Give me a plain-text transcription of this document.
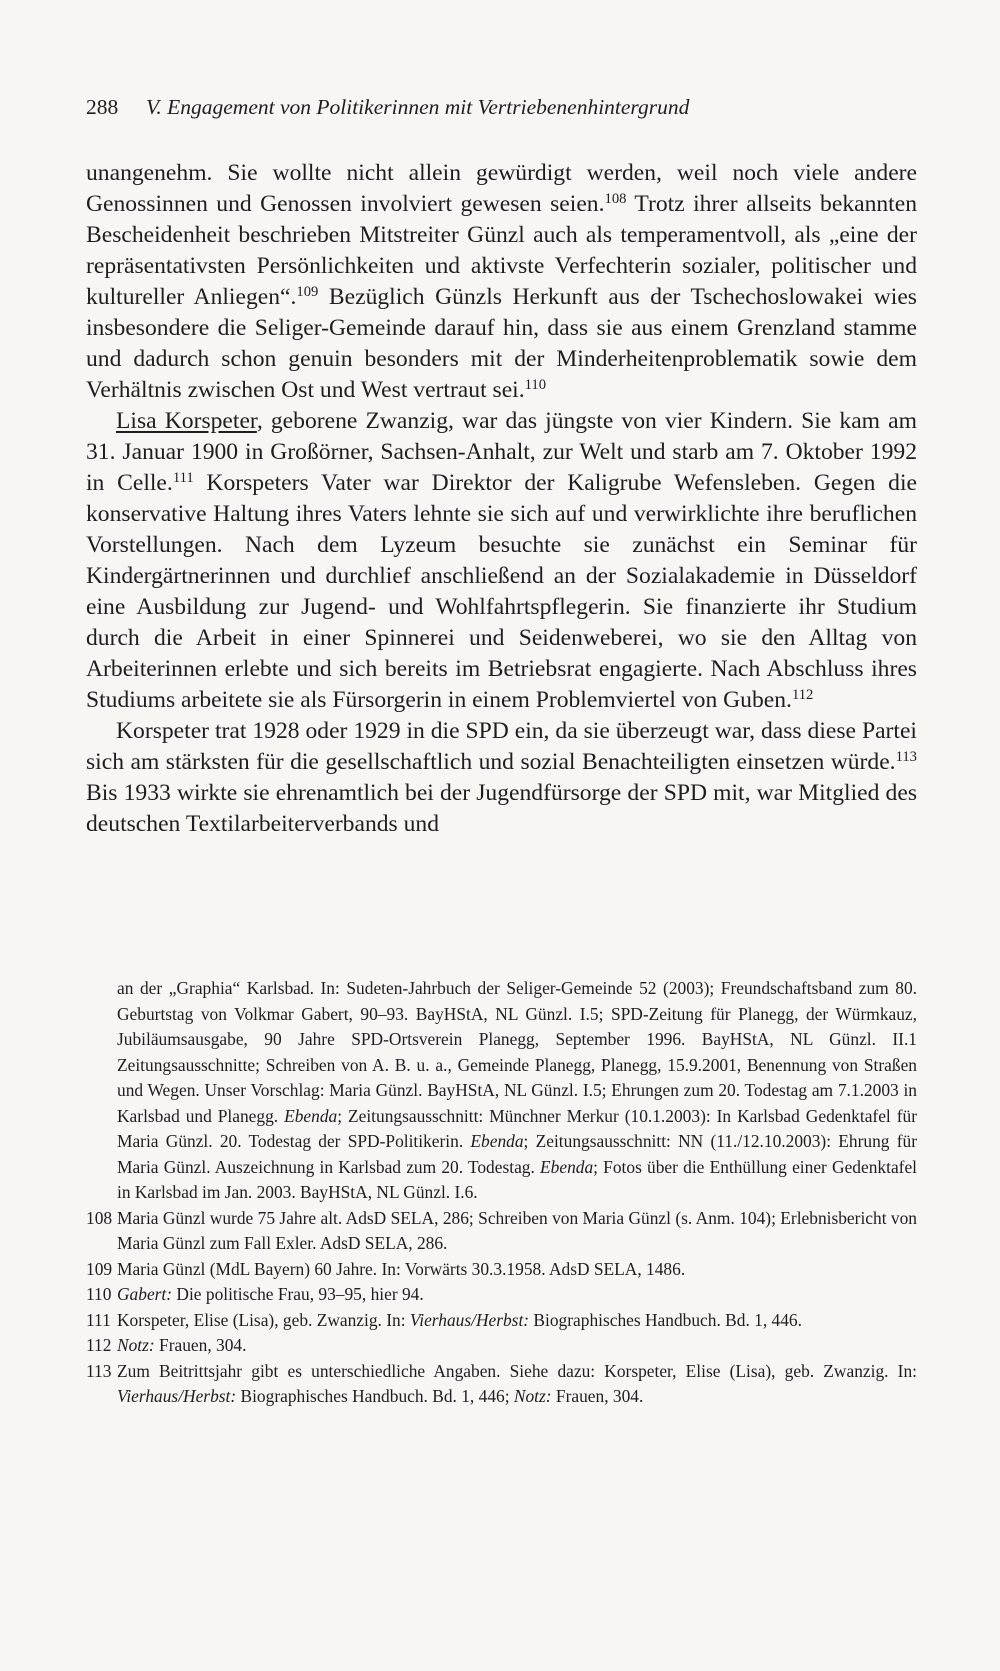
288 V. Engagement von Politikerinnen mit Vertriebenenhintergrund

unangenehm. Sie wollte nicht allein gewürdigt werden, weil noch viele andere Genossinnen und Genossen involviert gewesen seien.$^{108}$ Trotz ihrer allseits bekannten Bescheidenheit beschrieben Mitstreiter Günzl auch als temperamentvoll, als „eine der repräsentativsten Persönlichkeiten und aktivste Verfechterin sozialer, politischer und kultureller Anliegen“.$^{109}$ Bezüglich Günzls Herkunft aus der Tschechoslowakei wies insbesondere die Seliger-Gemeinde darauf hin, dass sie aus einem Grenzland stamme und dadurch schon genuin besonders mit der Minderheitenproblematik sowie dem Verhältnis zwischen Ost und West vertraut sei.$^{110}$

Lisa Korspeter, geborene Zwanzig, war das jüngste von vier Kindern. Sie kam am 31. Januar 1900 in Großörner, Sachsen-Anhalt, zur Welt und starb am 7. Oktober 1992 in Celle.$^{111}$ Korspeters Vater war Direktor der Kaligrube Wefensleben. Gegen die konservative Haltung ihres Vaters lehnte sie sich auf und verwirklichte ihre beruflichen Vorstellungen. Nach dem Lyzeum besuchte sie zunächst ein Seminar für Kindergärtnerinnen und durchlief anschließend an der Sozialakademie in Düsseldorf eine Ausbildung zur Jugend- und Wohlfahrtspflegerin. Sie finanzierte ihr Studium durch die Arbeit in einer Spinnerei und Seidenweberei, wo sie den Alltag von Arbeiterinnen erlebte und sich bereits im Betriebsrat engagierte. Nach Abschluss ihres Studiums arbeitete sie als Fürsorgerin in einem Problemviertel von Guben.$^{112}$

Korspeter trat 1928 oder 1929 in die SPD ein, da sie überzeugt war, dass diese Partei sich am stärksten für die gesellschaftlich und sozial Benachteiligten einsetzen würde.$^{113}$ Bis 1933 wirkte sie ehrenamtlich bei der Jugendfürsorge der SPD mit, war Mitglied des deutschen Textilarbeiterverbands und

an der „Graphia“ Karlsbad. In: Sudeten-Jahrbuch der Seliger-Gemeinde 52 (2003); Freundschaftsband zum 80. Geburtstag von Volkmar Gabert, 90–93. BayHStA, NL Günzl. I.5; SPD-Zeitung für Planegg, der Würmkauz, Jubiläumsausgabe, 90 Jahre SPD-Ortsverein Planegg, September 1996. BayHStA, NL Günzl. II.1 Zeitungsausschnitte; Schreiben von A. B. u. a., Gemeinde Planegg, Planegg, 15.9.2001, Benennung von Straßen und Wegen. Unser Vorschlag: Maria Günzl. BayHStA, NL Günzl. I.5; Ehrungen zum 20. Todestag am 7.1.2003 in Karlsbad und Planegg. Ebenda; Zeitungsausschnitt: Münchner Merkur (10.1.2003): In Karlsbad Gedenktafel für Maria Günzl. 20. Todestag der SPD-Politikerin. Ebenda; Zeitungsausschnitt: NN (11./12.10.2003): Ehrung für Maria Günzl. Auszeichnung in Karlsbad zum 20. Todestag. Ebenda; Fotos über die Enthüllung einer Gedenktafel in Karlsbad im Jan. 2003. BayHStA, NL Günzl. I.6.
108 Maria Günzl wurde 75 Jahre alt. AdsD SELA, 286; Schreiben von Maria Günzl (s. Anm. 104); Erlebnisbericht von Maria Günzl zum Fall Exler. AdsD SELA, 286.
109 Maria Günzl (MdL Bayern) 60 Jahre. In: Vorwärts 30.3.1958. AdsD SELA, 1486.
110 Gabert: Die politische Frau, 93–95, hier 94.
111 Korspeter, Elise (Lisa), geb. Zwanzig. In: Vierhaus/Herbst: Biographisches Handbuch. Bd. 1, 446.
112 Notz: Frauen, 304.
113 Zum Beitrittsjahr gibt es unterschiedliche Angaben. Siehe dazu: Korspeter, Elise (Lisa), geb. Zwanzig. In: Vierhaus/Herbst: Biographisches Handbuch. Bd. 1, 446; Notz: Frauen, 304.
